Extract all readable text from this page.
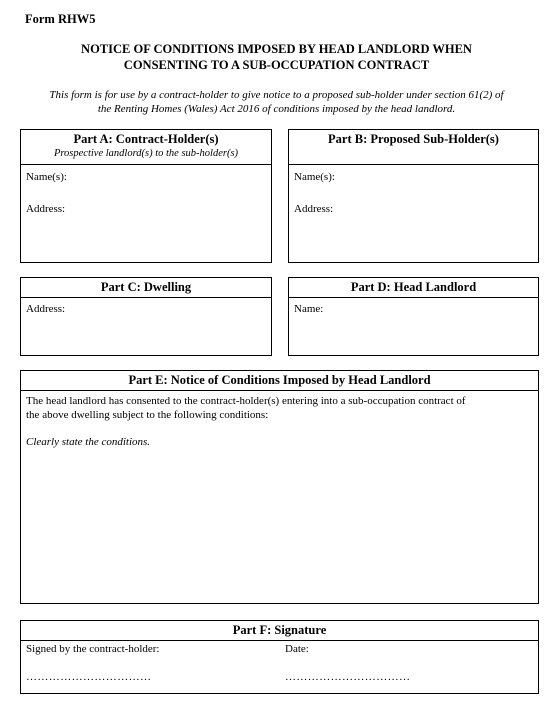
Form RHW5
NOTICE OF CONDITIONS IMPOSED BY HEAD LANDLORD WHEN
CONSENTING TO A SUB-OCCUPATION CONTRACT
This form is for use by a contract-holder to give notice to a proposed sub-holder under section 61(2) of
the Renting Homes (Wales) Act 2016 of conditions imposed by the head landlord.
Part A: Contract-Holder(s)
Prospective landlord(s) to the sub-holder(s)
Name(s):
Address:
Part B: Proposed Sub-Holder(s)
Name(s):
Address:
Part C: Dwelling
Address:
Part D: Head Landlord
Name:
Part E: Notice of Conditions Imposed by Head Landlord
The head landlord has consented to the contract-holder(s) entering into a sub-occupation contract of
the above dwelling subject to the following conditions:
Clearly state the conditions.
Part F: Signature
Signed by the contract-holder:	Date:
……………………………	……………………………
